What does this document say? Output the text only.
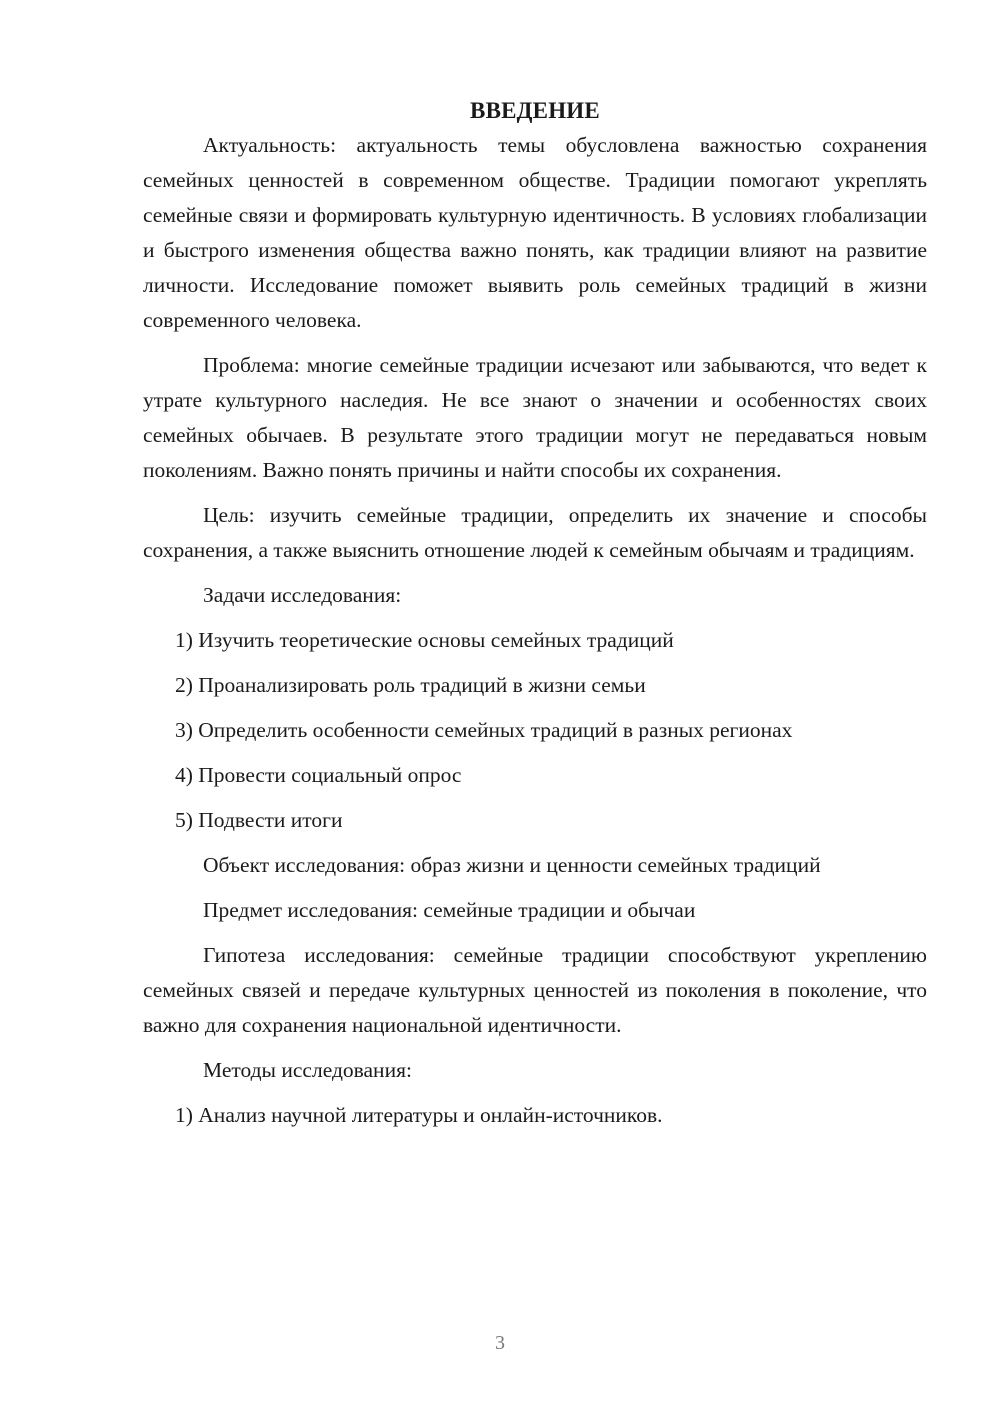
ВВЕДЕНИЕ

Актуальность: актуальность темы обусловлена важностью сохранения семейных ценностей в современном обществе. Традиции помогают укреплять семейные связи и формировать культурную идентичность. В условиях глобализации и быстрого изменения общества важно понять, как традиции влияют на развитие личности. Исследование поможет выявить роль семейных традиций в жизни современного человека.

Проблема: многие семейные традиции исчезают или забываются, что ведет к утрате культурного наследия. Не все знают о значении и особенностях своих семейных обычаев. В результате этого традиции могут не передаваться новым поколениям. Важно понять причины и найти способы их сохранения.

Цель: изучить семейные традиции, определить их значение и способы сохранения, а также выяснить отношение людей к семейным обычаям и традициям.

Задачи исследования:

1) Изучить теоретические основы семейных традиций

2) Проанализировать роль традиций в жизни семьи

3) Определить особенности семейных традиций в разных регионах

4) Провести социальный опрос

5) Подвести итоги

Объект исследования: образ жизни и ценности семейных традиций

Предмет исследования: семейные традиции и обычаи

Гипотеза исследования: семейные традиции способствуют укреплению семейных связей и передаче культурных ценностей из поколения в поколение, что важно для сохранения национальной идентичности.

Методы исследования:

1) Анализ научной литературы и онлайн-источников.

3
